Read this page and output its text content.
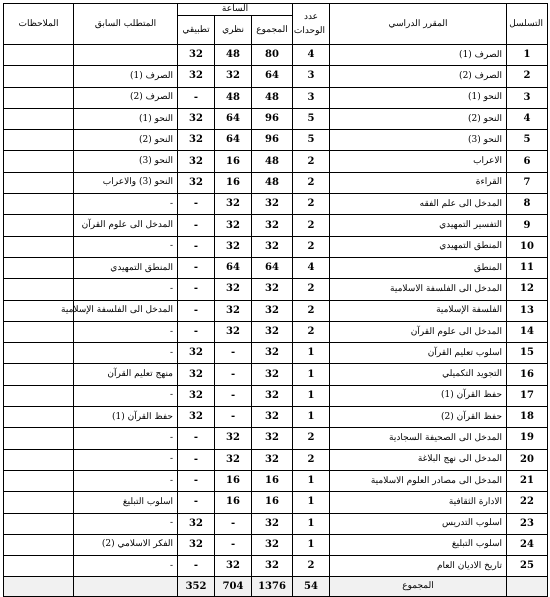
التسلسل	المقرر الدراسي	عدد الوحدات	الساعة			المتطلب السابق	الملاحظات
			المجموع	نظري	تطبيقي		
1	الصرف (1)	4	80	48	32		
2	الصرف (2)	3	64	32	32	الصرف (1)	
3	النحو (1)	3	48	48	-	الصرف (2)	
4	النحو (2)	5	96	64	32	النحو (1)	
5	النحو (3)	5	96	64	32	النحو (2)	
6	الاعراب	2	48	16	32	النحو (3)	
7	القراءة	2	48	16	32	النحو (3) والاعراب	
8	المدخل الى علم الفقه	2	32	32	-	-	
9	التفسير التمهيدي	2	32	32	-	المدخل الى علوم القرآن	
10	المنطق التمهيدي	2	32	32	-	-	
11	المنطق	4	64	64	-	المنطق التمهيدي	
12	المدخل الى الفلسفة الاسلامية	2	32	32	-	-	
13	الفلسفة الإسلامية	2	32	32	-	المدخل الى الفلسفة الإسلامية	
14	المدخل الى علوم القرآن	2	32	32	-	-	
15	اسلوب تعليم القرآن	1	32	-	32	-	
16	التجويد التكميلي	1	32	-	32	منهج تعليم القرآن	
17	حفظ القرآن (1)	1	32	-	32	-	
18	حفظ القرآن (2)	1	32	-	32	حفظ القرآن (1)	
19	المدخل الى الصحيفة السجادية	2	32	32	-	-	
20	المدخل الى نهج البلاغة	2	32	32	-	-	
21	المدخل الى مصادر العلوم الاسلامية	1	16	16	-	-	
22	الادارة الثقافية	1	16	16	-	اسلوب التبليغ	
23	اسلوب التدريس	1	32	-	32	-	
24	اسلوب التبليغ	1	32	-	32	الفكر الاسلامي (2)	
25	تاريخ الاديان العام	2	32	32	-	-	
	المجموع	54	1376	704	352		
